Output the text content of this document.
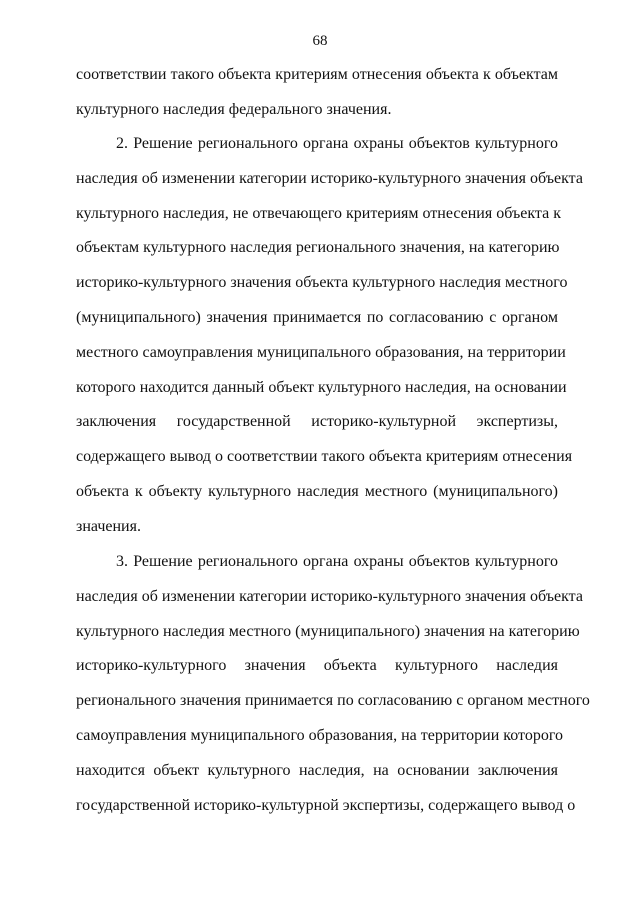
68
соответствии такого объекта критериям отнесения объекта к объектам
культурного наследия федерального значения.
2. Решение регионального органа охраны объектов культурного
наследия об изменении категории историко-культурного значения объекта
культурного наследия, не отвечающего критериям отнесения объекта к
объектам культурного наследия регионального значения, на категорию
историко-культурного значения объекта культурного наследия местного
(муниципального) значения принимается по согласованию с органом
местного самоуправления муниципального образования, на территории
которого находится данный объект культурного наследия, на основании
заключения государственной историко-культурной экспертизы,
содержащего вывод о соответствии такого объекта критериям отнесения
объекта к объекту культурного наследия местного (муниципального)
значения.
3. Решение регионального органа охраны объектов культурного
наследия об изменении категории историко-культурного значения объекта
культурного наследия местного (муниципального) значения на категорию
историко-культурного значения объекта культурного наследия
регионального значения принимается по согласованию с органом местного
самоуправления муниципального образования, на территории которого
находится объект культурного наследия, на основании заключения
государственной историко-культурной экспертизы, содержащего вывод о
